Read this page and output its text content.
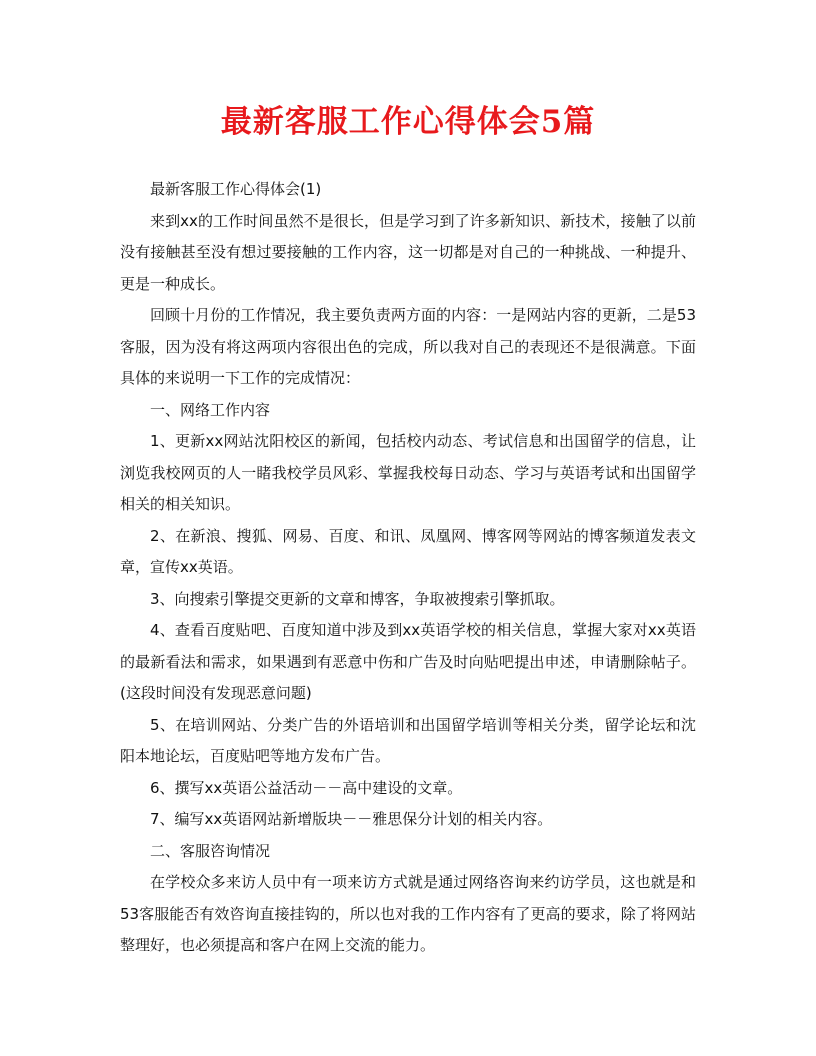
最新客服工作心得体会5篇

最新客服工作心得体会(1)

来到xx的工作时间虽然不是很长，但是学习到了许多新知识、新技术，接触了以前没有接触甚至没有想过要接触的工作内容，这一切都是对自己的一种挑战、一种提升、更是一种成长。

回顾十月份的工作情况，我主要负责两方面的内容：一是网站内容的更新，二是53客服，因为没有将这两项内容很出色的完成，所以我对自己的表现还不是很满意。下面具体的来说明一下工作的完成情况：

一、网络工作内容

1、更新xx网站沈阳校区的新闻，包括校内动态、考试信息和出国留学的信息，让浏览我校网页的人一睹我校学员风彩、掌握我校每日动态、学习与英语考试和出国留学相关的相关知识。

2、在新浪、搜狐、网易、百度、和讯、凤凰网、博客网等网站的博客频道发表文章，宣传xx英语。

3、向搜索引擎提交更新的文章和博客，争取被搜索引擎抓取。

4、查看百度贴吧、百度知道中涉及到xx英语学校的相关信息，掌握大家对xx英语的最新看法和需求，如果遇到有恶意中伤和广告及时向贴吧提出申述，申请删除帖子。(这段时间没有发现恶意问题)

5、在培训网站、分类广告的外语培训和出国留学培训等相关分类，留学论坛和沈阳本地论坛，百度贴吧等地方发布广告。

6、撰写xx英语公益活动－－高中建设的文章。

7、编写xx英语网站新增版块－－雅思保分计划的相关内容。

二、客服咨询情况

在学校众多来访人员中有一项来访方式就是通过网络咨询来约访学员，这也就是和53客服能否有效咨询直接挂钩的，所以也对我的工作内容有了更高的要求，除了将网站整理好，也必须提高和客户在网上交流的能力。
